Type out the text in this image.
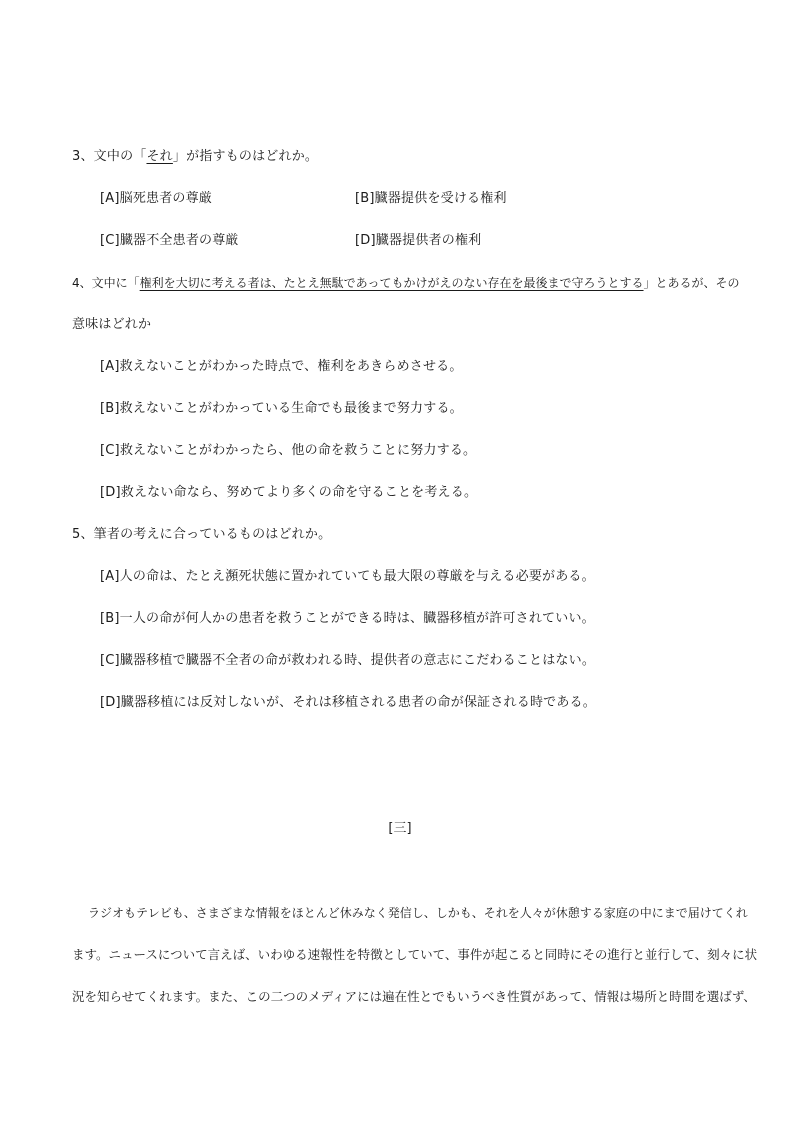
3、文中の「それ」が指すものはどれか。
[A]脳死患者の尊厳	[B]臓器提供を受ける権利
[C]臓器不全患者の尊厳	[D]臓器提供者の権利
4、文中に「権利を大切に考える者は、たとえ無駄であってもかけがえのない存在を最後まで守ろうとする」とあるが、その
意味はどれか
[A]救えないことがわかった時点で、権利をあきらめさせる。
[B]救えないことがわかっている生命でも最後まで努力する。
[C]救えないことがわかったら、他の命を救うことに努力する。
[D]救えない命なら、努めてより多くの命を守ることを考える。
5、筆者の考えに合っているものはどれか。
[A]人の命は、たとえ瀕死状態に置かれていても最大限の尊厳を与える必要がある。
[B]一人の命が何人かの患者を救うことができる時は、臓器移植が許可されていい。
[C]臓器移植で臓器不全者の命が救われる時、提供者の意志にこだわることはない。
[D]臓器移植には反対しないが、それは移植される患者の命が保証される時である。
[三]
ラジオもテレビも、さまざまな情報をほとんど休みなく発信し、しかも、それを人々が休憩する家庭の中にまで届けてくれ
ます。ニュースについて言えば、いわゆる速報性を特徴としていて、事件が起こると同時にその進行と並行して、刻々に状
況を知らせてくれます。また、この二つのメディアには遍在性とでもいうべき性質があって、情報は場所と時間を選ばず、
